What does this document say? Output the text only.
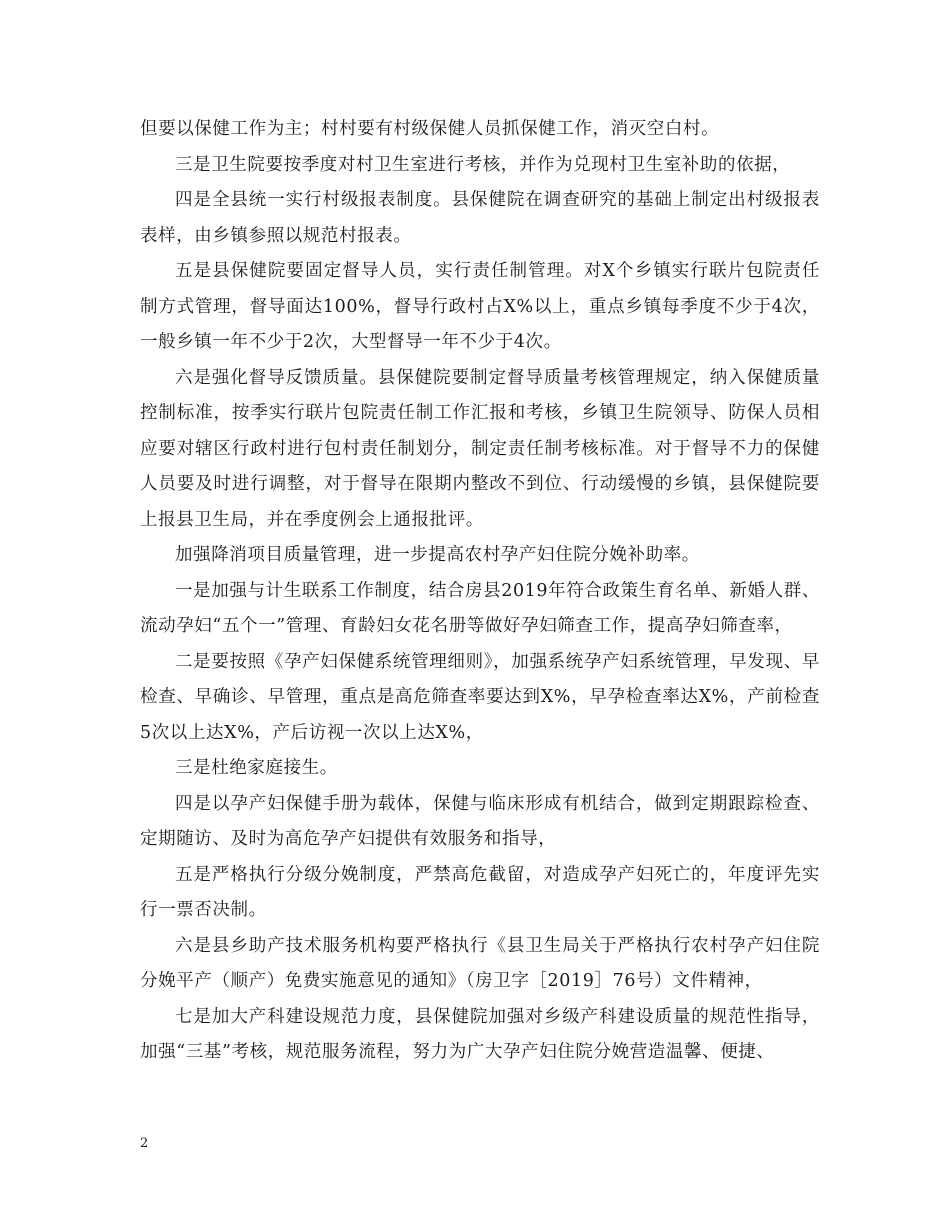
但要以保健工作为主；村村要有村级保健人员抓保健工作，消灭空白村。

三是卫生院要按季度对村卫生室进行考核，并作为兑现村卫生室补助的依据，

四是全县统一实行村级报表制度。县保健院在调查研究的基础上制定出村级报表表样，由乡镇参照以规范村报表。

五是县保健院要固定督导人员，实行责任制管理。对X个乡镇实行联片包院责任制方式管理，督导面达100%，督导行政村占X%以上，重点乡镇每季度不少于4次，一般乡镇一年不少于2次，大型督导一年不少于4次。

六是强化督导反馈质量。县保健院要制定督导质量考核管理规定，纳入保健质量控制标准，按季实行联片包院责任制工作汇报和考核，乡镇卫生院领导、防保人员相应要对辖区行政村进行包村责任制划分，制定责任制考核标准。对于督导不力的保健人员要及时进行调整，对于督导在限期内整改不到位、行动缓慢的乡镇，县保健院要上报县卫生局，并在季度例会上通报批评。

加强降消项目质量管理，进一步提高农村孕产妇住院分娩补助率。

一是加强与计生联系工作制度，结合房县2019年符合政策生育名单、新婚人群、流动孕妇“五个一”管理、育龄妇女花名册等做好孕妇筛查工作，提高孕妇筛查率，

二是要按照《孕产妇保健系统管理细则》，加强系统孕产妇系统管理，早发现、早检查、早确诊、早管理，重点是高危筛查率要达到X%，早孕检查率达X%，产前检查5次以上达X%，产后访视一次以上达X%，

三是杜绝家庭接生。

四是以孕产妇保健手册为载体，保健与临床形成有机结合，做到定期跟踪检查、定期随访、及时为高危孕产妇提供有效服务和指导，

五是严格执行分级分娩制度，严禁高危截留，对造成孕产妇死亡的，年度评先实行一票否决制。

六是县乡助产技术服务机构要严格执行《县卫生局关于严格执行农村孕产妇住院分娩平产（顺产）免费实施意见的通知》（房卫字［2019］76号）文件精神，

七是加大产科建设规范力度，县保健院加强对乡级产科建设质量的规范性指导，加强“三基”考核，规范服务流程，努力为广大孕产妇住院分娩营造温馨、便捷、

2
